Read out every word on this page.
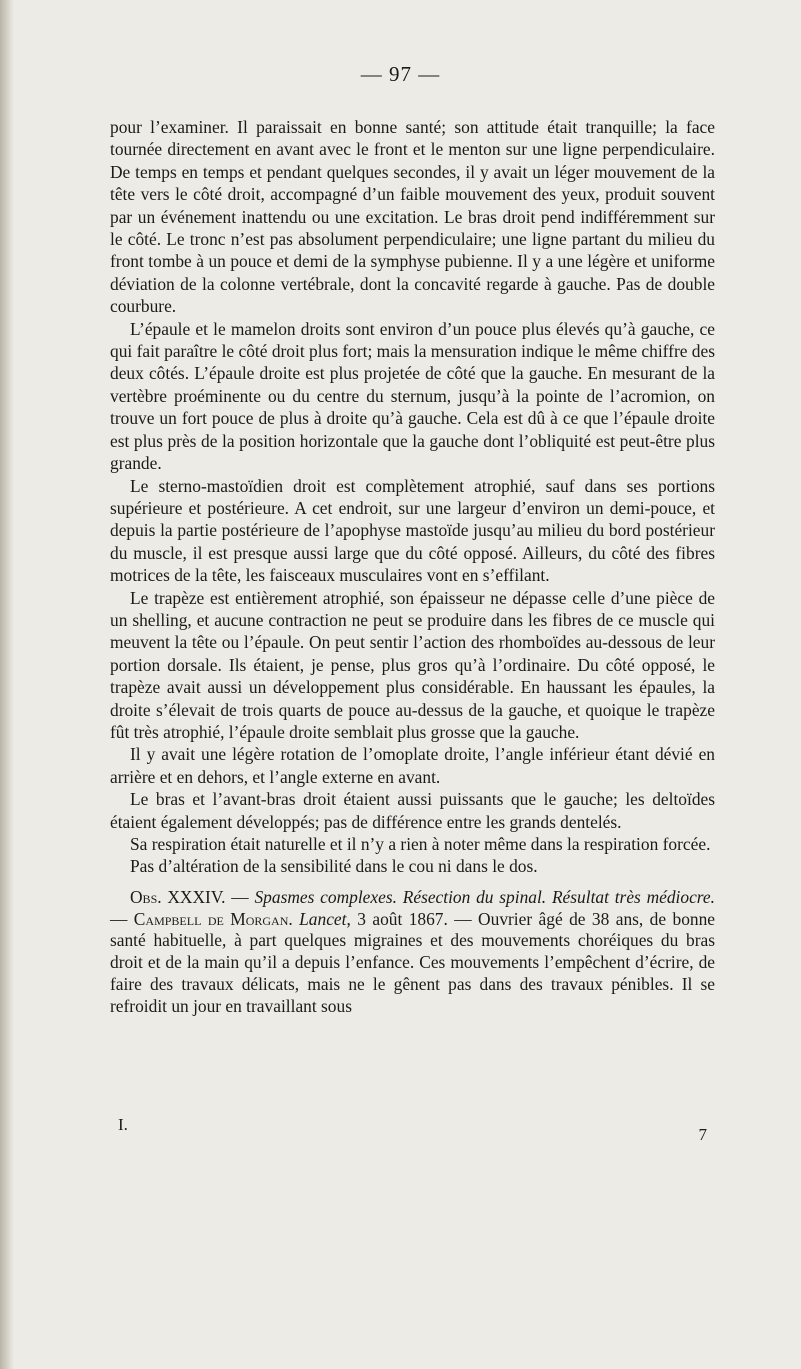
— 97 —

pour l’examiner. Il paraissait en bonne santé; son attitude était tranquille; la face tournée directement en avant avec le front et le menton sur une ligne perpendiculaire. De temps en temps et pendant quelques secondes, il y avait un léger mouvement de la tête vers le côté droit, accompagné d’un faible mouvement des yeux, produit souvent par un événement inattendu ou une excitation. Le bras droit pend indifféremment sur le côté. Le tronc n’est pas absolument perpendiculaire; une ligne partant du milieu du front tombe à un pouce et demi de la symphyse pubienne. Il y a une légère et uniforme déviation de la colonne vertébrale, dont la concavité regarde à gauche. Pas de double courbure.

L’épaule et le mamelon droits sont environ d’un pouce plus élevés qu’à gauche, ce qui fait paraître le côté droit plus fort; mais la mensuration indique le même chiffre des deux côtés. L’épaule droite est plus projetée de côté que la gauche. En mesurant de la vertèbre proéminente ou du centre du sternum, jusqu’à la pointe de l’acromion, on trouve un fort pouce de plus à droite qu’à gauche. Cela est dû à ce que l’épaule droite est plus près de la position horizontale que la gauche dont l’obliquité est peut-être plus grande.

Le sterno-mastoïdien droit est complètement atrophié, sauf dans ses portions supérieure et postérieure. A cet endroit, sur une largeur d’environ un demi-pouce, et depuis la partie postérieure de l’apophyse mastoïde jusqu’au milieu du bord postérieur du muscle, il est presque aussi large que du côté opposé. Ailleurs, du côté des fibres motrices de la tête, les faisceaux musculaires vont en s’effilant.

Le trapèze est entièrement atrophié, son épaisseur ne dépasse celle d’une pièce de un shelling, et aucune contraction ne peut se produire dans les fibres de ce muscle qui meuvent la tête ou l’épaule. On peut sentir l’action des rhomboïdes au-dessous de leur portion dorsale. Ils étaient, je pense, plus gros qu’à l’ordinaire. Du côté opposé, le trapèze avait aussi un développement plus considérable. En haussant les épaules, la droite s’élevait de trois quarts de pouce au-dessus de la gauche, et quoique le trapèze fût très atrophié, l’épaule droite semblait plus grosse que la gauche.

Il y avait une légère rotation de l’omoplate droite, l’angle inférieur étant dévié en arrière et en dehors, et l’angle externe en avant.

Le bras et l’avant-bras droit étaient aussi puissants que le gauche; les deltoïdes étaient également développés; pas de différence entre les grands dentelés.

Sa respiration était naturelle et il n’y a rien à noter même dans la respiration forcée.

Pas d’altération de la sensibilité dans le cou ni dans le dos.

Obs. XXXIV. — Spasmes complexes. Résection du spinal. Résultat très médiocre. — Campbell de Morgan. Lancet, 3 août 1867. — Ouvrier âgé de 38 ans, de bonne santé habituelle, à part quelques migraines et des mouvements choréiques du bras droit et de la main qu’il a depuis l’enfance. Ces mouvements l’empêchent d’écrire, de faire des travaux délicats, mais ne le gênent pas dans des travaux pénibles. Il se refroidit un jour en travaillant sous

I.
7
